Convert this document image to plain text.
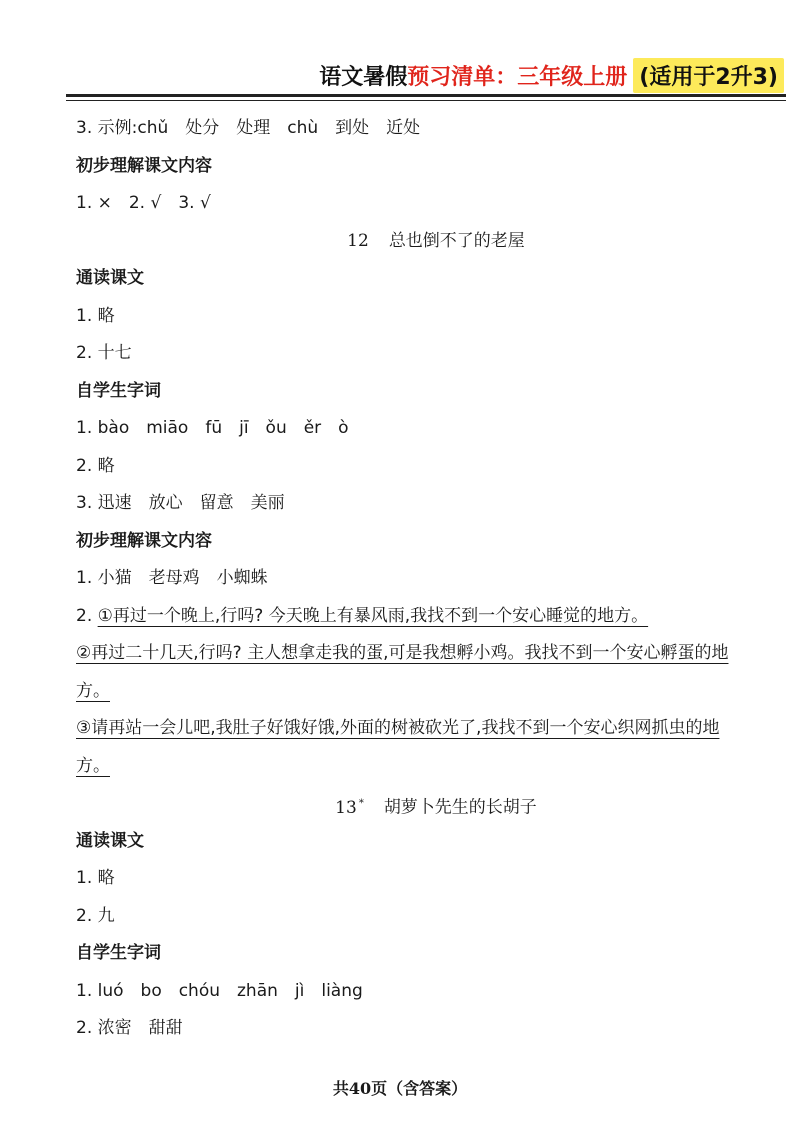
语文暑假 预习清单：三年级上册 (适用于2升3)
3. 示例:chǔ　处分　处理　chù　到处　近处
初步理解课文内容
1. ×　2. √　3. √
12 总也倒不了的老屋
通读课文
1. 略
2. 十七
自学生字词
1. bào　miāo　fū　jī　ǒu　ěr　ò
2. 略
3. 迅速　放心　留意　美丽
初步理解课文内容
1. 小猫　老母鸡　小蜘蛛
2. ①再过一个晚上,行吗? 今天晚上有暴风雨,我找不到一个安心睡觉的地方。
②再过二十几天,行吗? 主人想拿走我的蛋,可是我想孵小鸡。我找不到一个安心孵蛋的地方。
③请再站一会儿吧,我肚子好饿好饿,外面的树被砍光了,我找不到一个安心织网抓虫的地方。
13 * 胡萝卜先生的长胡子
通读课文
1. 略
2. 九
自学生字词
1. luó　bo　chóu　zhān　jì　liàng
2. 浓密　甜甜
共40页（含答案）
